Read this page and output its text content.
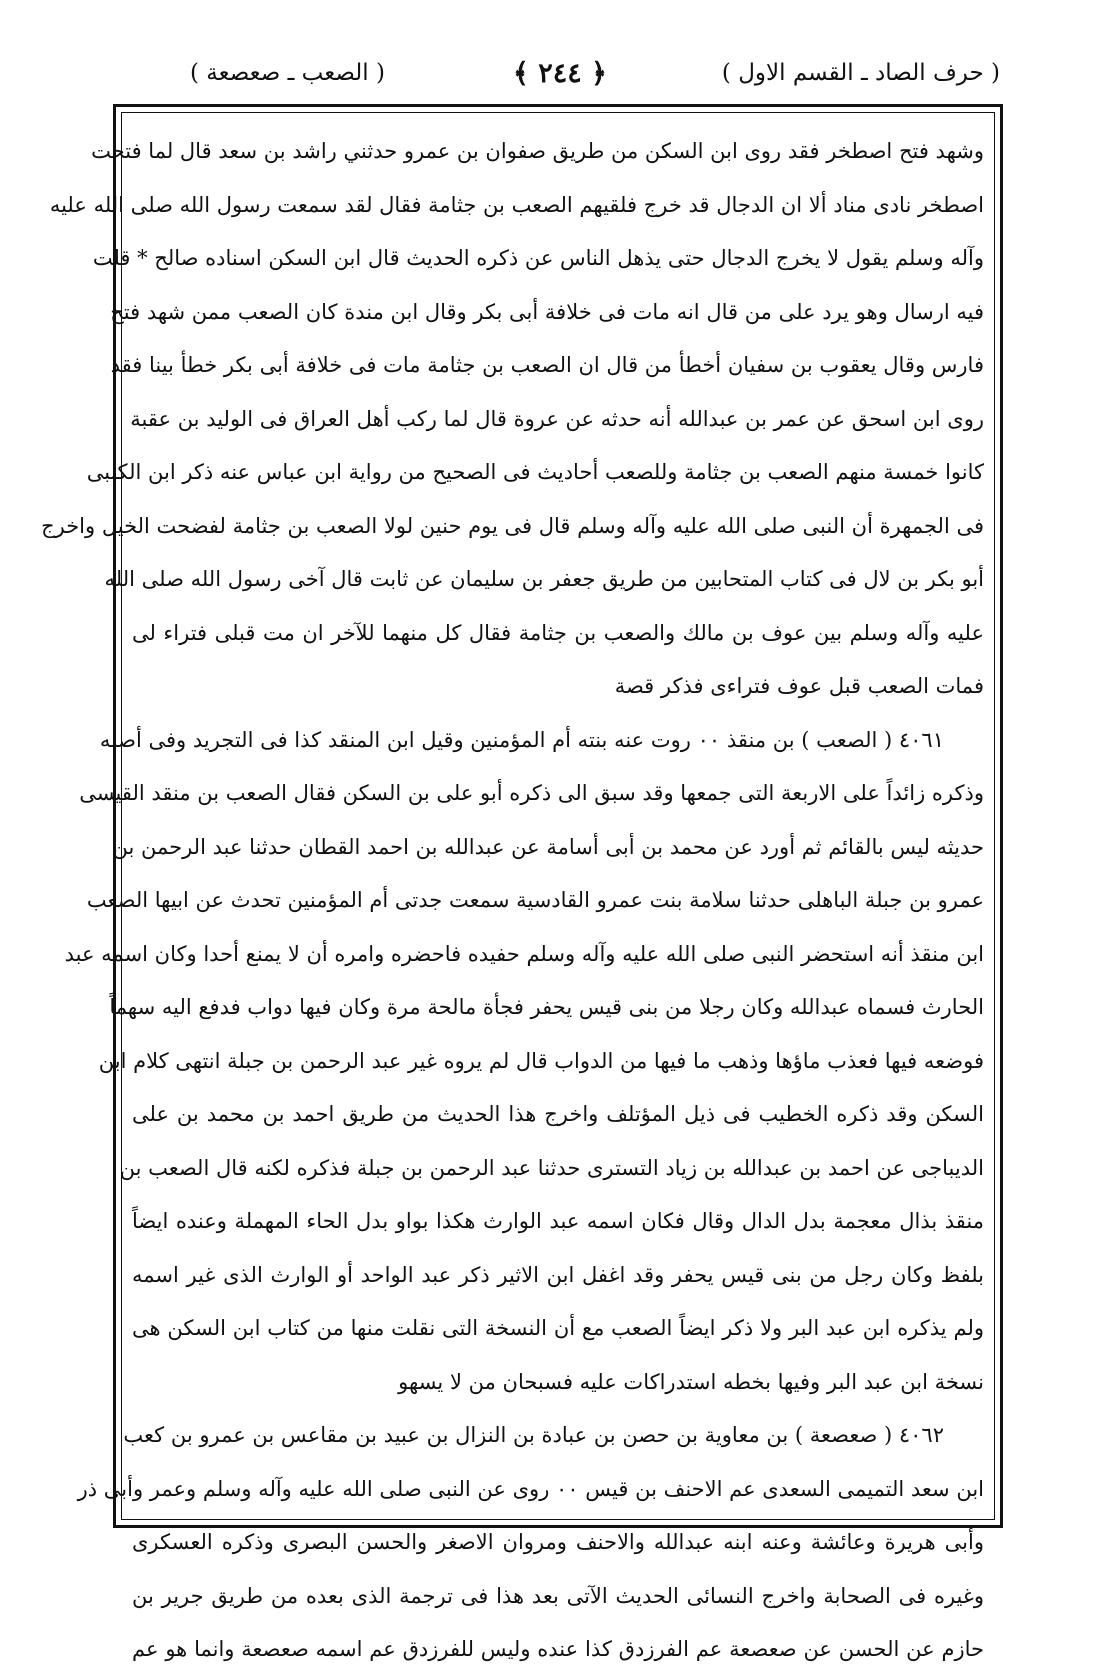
( حرف الصاد ـ القسم الاول )
﴿ ٢٤٤ ﴾
( الصعب ـ صعصعة )
وشهد فتح اصطخر فقد روى ابن السكن من طريق صفوان بن عمرو حدثني راشد بن سعد قال لما فتحت
اصطخر نادى مناد ألا ان الدجال قد خرج فلقيهم الصعب بن جثامة فقال لقد سمعت رسول الله صلى الله عليه
وآله وسلم يقول لا يخرج الدجال حتى يذهل الناس عن ذكره الحديث قال ابن السكن اسناده صالح * قلت
فيه ارسال وهو يرد على من قال انه مات فى خلافة أبى بكر وقال ابن مندة كان الصعب ممن شهد فتح
فارس وقال يعقوب بن سفيان أخطأ من قال ان الصعب بن جثامة مات فى خلافة أبى بكر خطأ بينا فقد
روى ابن اسحق عن عمر بن عبدالله أنه حدثه عن عروة قال لما ركب أهل العراق فى الوليد بن عقبة
كانوا خمسة منهم الصعب بن جثامة وللصعب أحاديث فى الصحيح من رواية ابن عباس عنه ذكر ابن الكلبى
فى الجمهرة أن النبى صلى الله عليه وآله وسلم قال فى يوم حنين لولا الصعب بن جثامة لفضحت الخيل واخرج
أبو بكر بن لال فى كتاب المتحابين من طريق جعفر بن سليمان عن ثابت قال آخى رسول الله صلى الله
عليه وآله وسلم بين عوف بن مالك والصعب بن جثامة فقال كل منهما للآخر ان مت قبلى فتراء لى
فمات الصعب قبل عوف فتراءى فذكر قصة
٤٠٦١ ( الصعب ) بن منقذ ٠٠ روت عنه بنته أم المؤمنين وقيل ابن المنقد كذا فى التجريد وفى أصله
وذكره زائداً على الاربعة التى جمعها وقد سبق الى ذكره أبو على بن السكن فقال الصعب بن منقد القيسى
حديثه ليس بالقائم ثم أورد عن محمد بن أبى أسامة عن عبدالله بن احمد القطان حدثنا عبد الرحمن بن
عمرو بن جبلة الباهلى حدثنا سلامة بنت عمرو القادسية سمعت جدتى أم المؤمنين تحدث عن ابيها الصعب
ابن منقذ أنه استحضر النبى صلى الله عليه وآله وسلم حفيده فاحضره وامره أن لا يمنع أحدا وكان اسمه عبد
الحارث فسماه عبدالله وكان رجلا من بنى قيس يحفر فجأة مالحة مرة وكان فيها دواب فدفع اليه سهماً
فوضعه فيها فعذب ماؤها وذهب ما فيها من الدواب قال لم يروه غير عبد الرحمن بن جبلة انتهى كلام ابن
السكن وقد ذكره الخطيب فى ذيل المؤتلف واخرج هذا الحديث من طريق احمد بن محمد بن على
الديباجى عن احمد بن عبدالله بن زياد التسترى حدثنا عبد الرحمن بن جبلة فذكره لكنه قال الصعب بن
منقذ بذال معجمة بدل الدال وقال فكان اسمه عبد الوارث هكذا بواو بدل الحاء المهملة وعنده ايضاً
بلفظ وكان رجل من بنى قيس يحفر وقد اغفل ابن الاثير ذكر عبد الواحد أو الوارث الذى غير اسمه
ولم يذكره ابن عبد البر ولا ذكر ايضاً الصعب مع أن النسخة التى نقلت منها من كتاب ابن السكن هى
نسخة ابن عبد البر وفيها بخطه استدراكات عليه فسبحان من لا يسهو
٤٠٦٢ ( صعصعة ) بن معاوية بن حصن بن عبادة بن النزال بن عبيد بن مقاعس بن عمرو بن كعب
ابن سعد التميمى السعدى عم الاحنف بن قيس ٠٠ روى عن النبى صلى الله عليه وآله وسلم وعمر وأبى ذر
وأبى هريرة وعائشة وعنه ابنه عبدالله والاحنف ومروان الاصغر والحسن البصرى وذكره العسكرى
وغيره فى الصحابة واخرج النسائى الحديث الآتى بعد هذا فى ترجمة الذى بعده من طريق جرير بن
حازم عن الحسن عن صعصعة عم الفرزدق كذا عنده وليس للفرزدق عم اسمه صعصعة وانما هو عم
